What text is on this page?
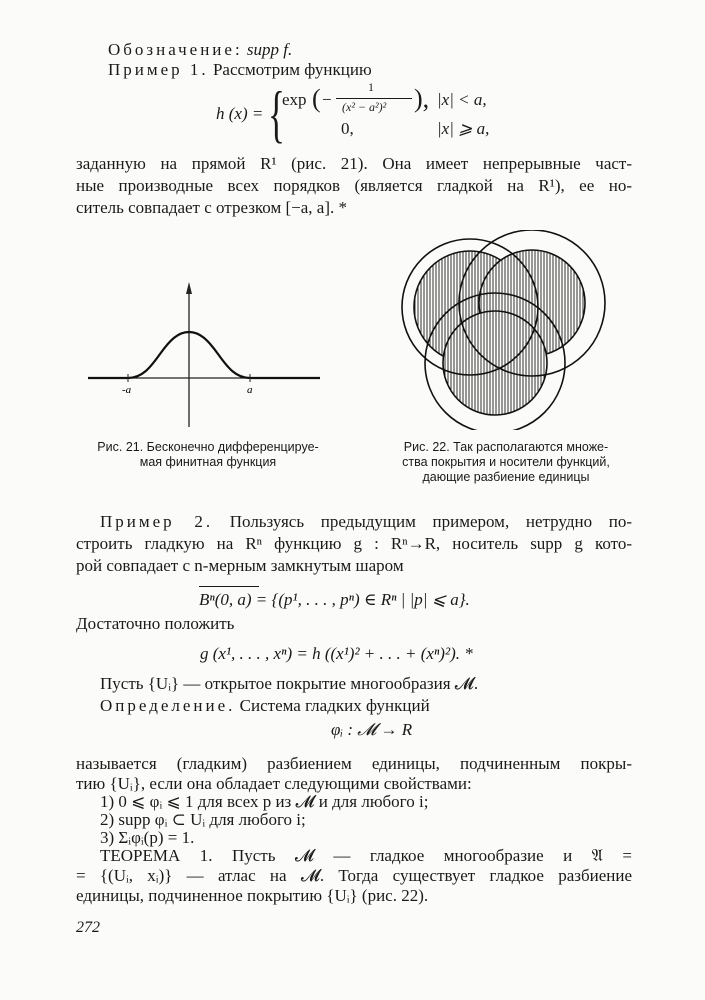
Обозначение: supp f.
Пример 1. Рассмотрим функцию
h (x) = {
exp ( −
1
(x² − a²)² ), |x| < a,
0,	|x| ⩾ a,
заданную на прямой R¹ (рис. 21). Она имеет непрерывные част-
ные производные всех порядков (является гладкой на R¹), ее но-
ситель совпадает с отрезком [−a, a]. *
-a	a
Рис. 21. Бесконечно дифференцируе-
мая финитная функция
Рис. 22. Так располагаются множе-
ства покрытия и носители функций,
дающие разбиение единицы
Пример 2. Пользуясь предыдущим примером, нетрудно по-
строить гладкую на Rⁿ функцию g : Rⁿ→R, носитель supp g кото-
рой совпадает с n-мерным замкнутым шаром
Bⁿ(0, a) = {(p¹, . . . , pⁿ) ∈ Rⁿ | |p| ⩽ a}.
Достаточно положить
g (x¹, . . . , xⁿ) = h ((x¹)² + . . . + (xⁿ)²). *
Пусть {Uᵢ} — открытое покрытие многообразия 𝓜.
Определение. Система гладких функций
φᵢ : 𝓜 → R
называется (гладким) разбиением единицы, подчиненным покры-
тию {Uᵢ}, если она обладает следующими свойствами:
1) 0 ⩽ φᵢ ⩽ 1 для всех p из 𝓜 и для любого i;
2) supp φᵢ ⊂ Uᵢ для любого i;
3) Σᵢφᵢ(p) = 1.
ТЕОРЕМА 1. Пусть 𝓜 — гладкое многообразие и 𝔄 =
= {(Uᵢ, xᵢ)} — атлас на 𝓜. Тогда существует гладкое разбиение
единицы, подчиненное покрытию {Uᵢ} (рис. 22).
272
